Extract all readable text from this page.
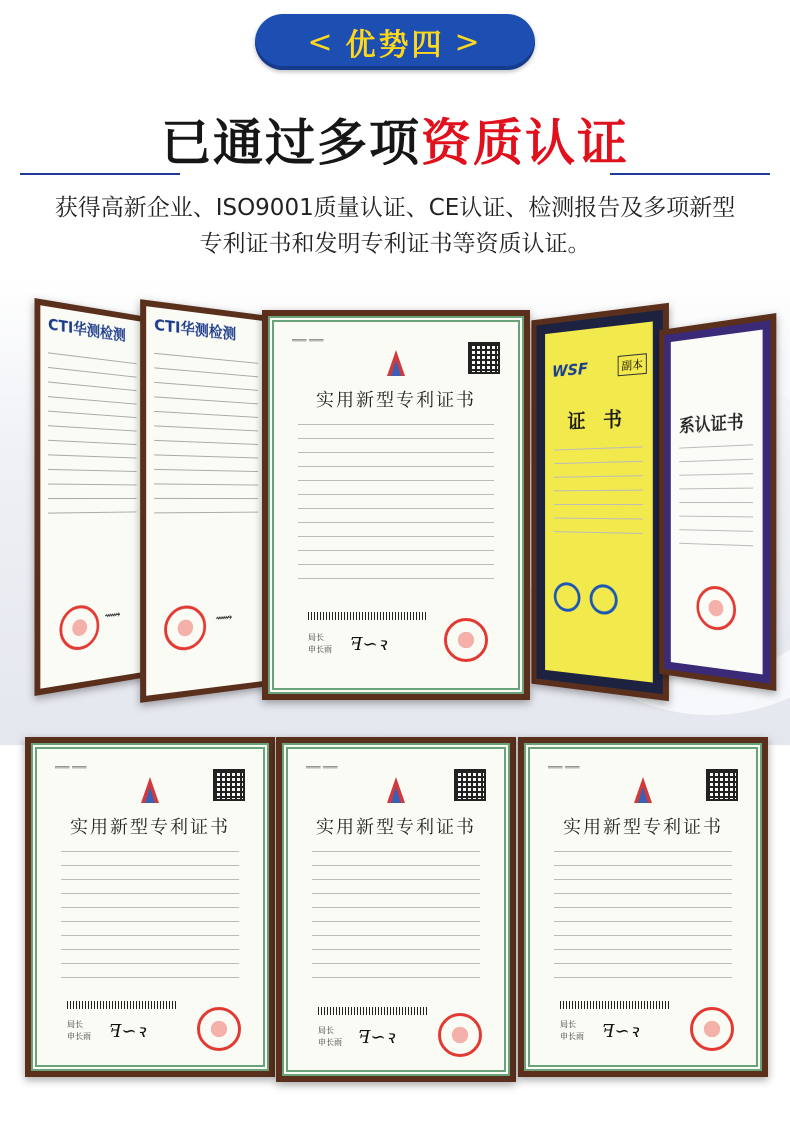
< 优势四 >
已通过多项资质认证
获得高新企业、ISO9001质量认证、CE认证、检测报告及多项新型
专利证书和发明专利证书等资质认证。
CTI华测检测
⟿
CTI华测检测
⟿
WSF	副本
证 书	系认证书
═══ ═══
实用新型专利证书
局长
申长雨 ꟻ∽ꝛ
═══ ═══
实用新型专利证书
局长
申长雨 ꟻ∽ꝛ
═══ ═══
实用新型专利证书
局长
申长雨 ꟻ∽ꝛ
═══ ═══
实用新型专利证书
局长
申长雨 ꟻ∽ꝛ
